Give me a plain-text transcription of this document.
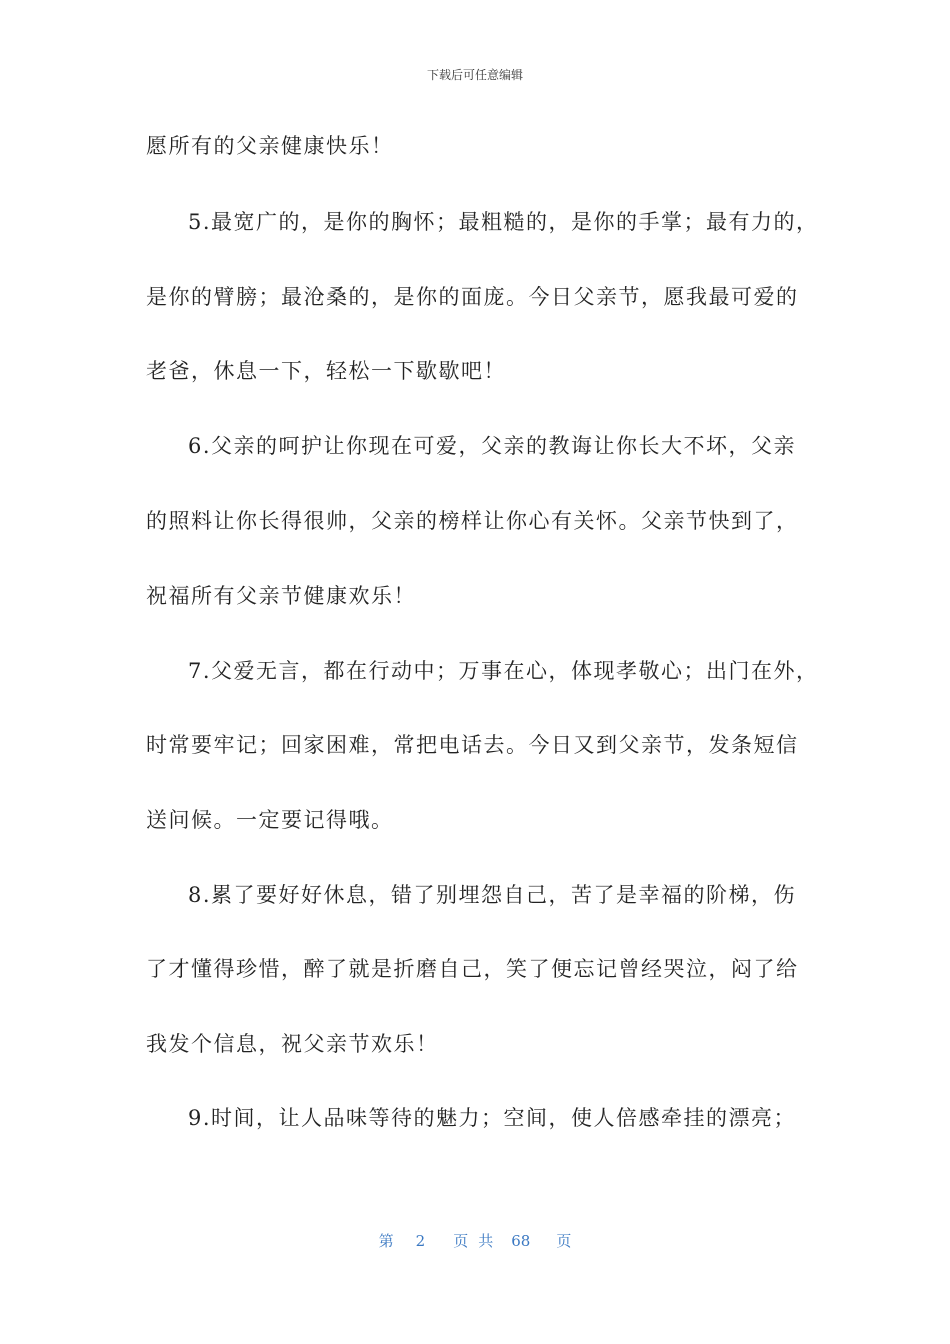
下载后可任意编辑
愿所有的父亲健康快乐！
5.最宽广的，是你的胸怀；最粗糙的，是你的手掌；最有力的，
是你的臂膀；最沧桑的，是你的面庞。今日父亲节，愿我最可爱的
老爸，休息一下，轻松一下歇歇吧！
6.父亲的呵护让你现在可爱，父亲的教诲让你长大不坏，父亲
的照料让你长得很帅，父亲的榜样让你心有关怀。父亲节快到了，
祝福所有父亲节健康欢乐！
7.父爱无言，都在行动中；万事在心，体现孝敬心；出门在外，
时常要牢记；回家困难，常把电话去。今日又到父亲节，发条短信
送问候。一定要记得哦。
8.累了要好好休息，错了别埋怨自己，苦了是幸福的阶梯，伤
了才懂得珍惜，醉了就是折磨自己，笑了便忘记曾经哭泣，闷了给
我发个信息，祝父亲节欢乐！
9.时间，让人品味等待的魅力；空间，使人倍感牵挂的漂亮；
第 2 页 共 68 页
